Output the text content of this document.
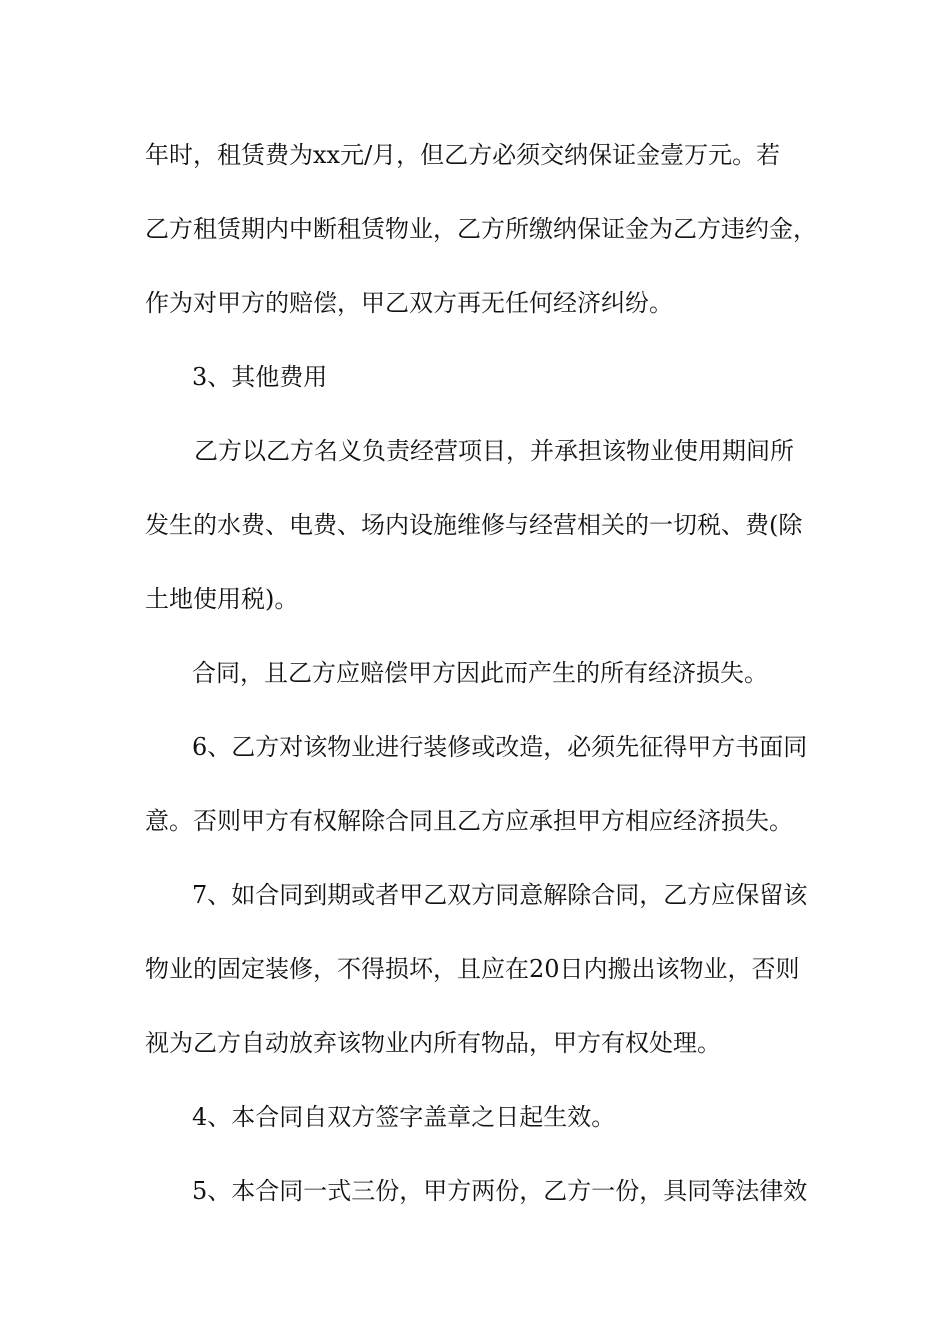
年时，租赁费为xx元/月，但乙方必须交纳保证金壹万元。若
乙方租赁期内中断租赁物业，乙方所缴纳保证金为乙方违约金，
作为对甲方的赔偿，甲乙双方再无任何经济纠纷。
3、其他费用
乙方以乙方名义负责经营项目，并承担该物业使用期间所
发生的水费、电费、场内设施维修与经营相关的一切税、费(除
土地使用税)。
合同，且乙方应赔偿甲方因此而产生的所有经济损失。
6、乙方对该物业进行装修或改造，必须先征得甲方书面同
意。否则甲方有权解除合同且乙方应承担甲方相应经济损失。
7、如合同到期或者甲乙双方同意解除合同，乙方应保留该
物业的固定装修，不得损坏，且应在20日内搬出该物业，否则
视为乙方自动放弃该物业内所有物品，甲方有权处理。
4、本合同自双方签字盖章之日起生效。
5、本合同一式三份，甲方两份，乙方一份，具同等法律效
